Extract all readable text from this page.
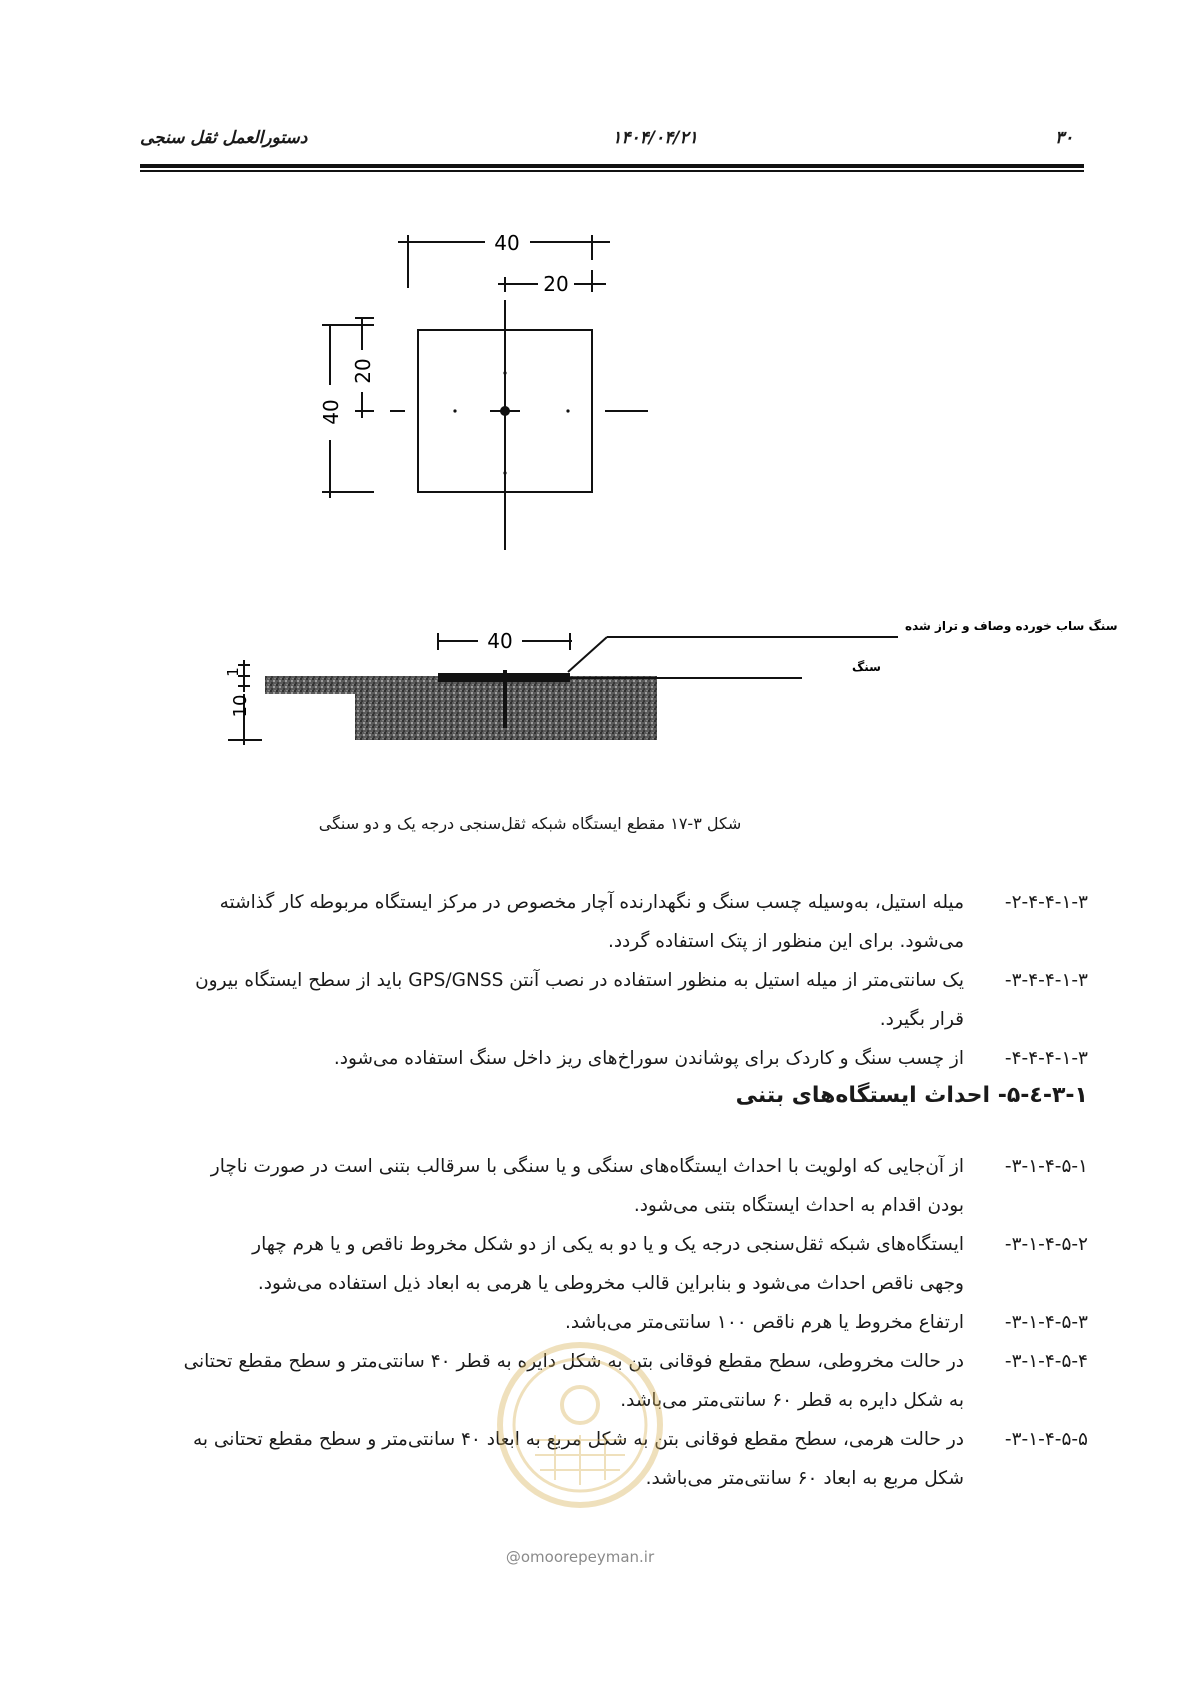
۳۰
۱۴۰۴/۰۴/۲۱
دستورالعمل ثقل سنجی
40
20
40
20
40
1
10
سنگ ساب خورده وصاف و تراز شده
سنگ
شکل ۳-۱۷ مقطع ایستگاه شبکه ثقل‌سنجی درجه یک و دو سنگی
۲-۴-۴-۱-۳-
میله استیل، به‌وسیله چسب سنگ و نگهدارنده آچار مخصوص در مرکز ایستگاه مربوطه کار گذاشته
می‌شود. برای این منظور از پتک استفاده گردد.
۳-۴-۴-۱-۳-
یک سانتی‌متر از میله استیل به منظور استفاده در نصب آنتن GPS/GNSS باید از سطح ایستگاه بیرون
قرار بگیرد.
۴-۴-۴-۱-۳-
از چسب سنگ و کاردک برای پوشاندن سوراخ‌های ریز داخل سنگ استفاده می‌شود.
۳-۱-٤-۵- احداث ایستگاه‌های بتنی
۳-۱-۴-۵-۱-
از آن‌جایی که اولویت با احداث ایستگاه‌های سنگی و یا سنگی با سرقالب بتنی است در صورت ناچار
بودن اقدام به احداث ایستگاه بتنی می‌شود.
۳-۱-۴-۵-۲-
ایستگاه‌های شبکه ثقل‌سنجی درجه یک و یا دو به یکی از دو شکل مخروط ناقص و یا هرم چهار
وجهی ناقص احداث می‌شود و بنابراین قالب مخروطی یا هرمی به ابعاد ذیل استفاده می‌شود.
۳-۱-۴-۵-۳-
ارتفاع مخروط یا هرم ناقص ۱۰۰ سانتی‌متر می‌باشد.
۳-۱-۴-۵-۴-
در حالت مخروطی، سطح مقطع فوقانی بتن به شکل دایره به قطر ۴۰ سانتی‌متر و سطح مقطع تحتانی
به شکل دایره به قطر ۶۰ سانتی‌متر می‌باشد.
۳-۱-۴-۵-۵-
در حالت هرمی، سطح مقطع فوقانی بتن به شکل مربع به ابعاد ۴۰ سانتی‌متر و سطح مقطع تحتانی به
شکل مربع به ابعاد ۶۰ سانتی‌متر می‌باشد.
@omoorepeyman.ir
